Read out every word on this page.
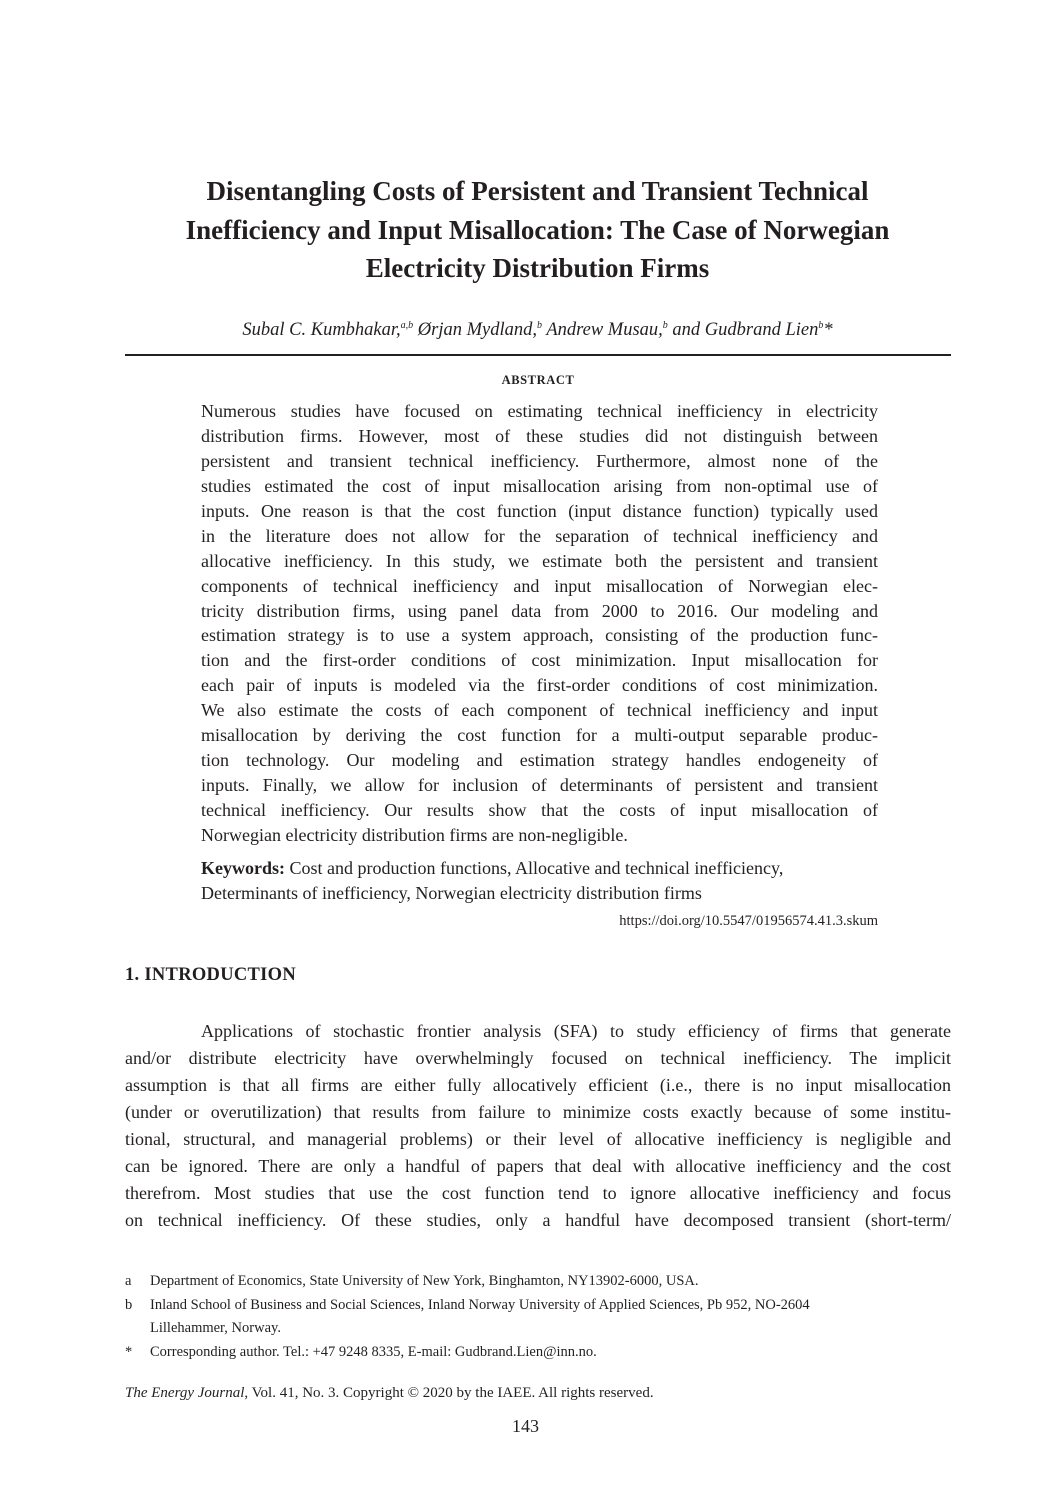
Disentangling Costs of Persistent and Transient Technical
Inefficiency and Input Misallocation: The Case of Norwegian
Electricity Distribution Firms
Subal C. Kumbhakar,$^{a,b}$ Ørjan Mydland,$^b$ Andrew Musau,$^b$ and Gudbrand Lien$^b$*
ABSTRACT
Numerous studies have focused on estimating technical inefficiency in electricity
distribution firms. However, most of these studies did not distinguish between
persistent and transient technical inefficiency. Furthermore, almost none of the
studies estimated the cost of input misallocation arising from non-optimal use of
inputs. One reason is that the cost function (input distance function) typically used
in the literature does not allow for the separation of technical inefficiency and
allocative inefficiency. In this study, we estimate both the persistent and transient
components of technical inefficiency and input misallocation of Norwegian elec-
tricity distribution firms, using panel data from 2000 to 2016. Our modeling and
estimation strategy is to use a system approach, consisting of the production func-
tion and the first-order conditions of cost minimization. Input misallocation for
each pair of inputs is modeled via the first-order conditions of cost minimization.
We also estimate the costs of each component of technical inefficiency and input
misallocation by deriving the cost function for a multi-output separable produc-
tion technology. Our modeling and estimation strategy handles endogeneity of
inputs. Finally, we allow for inclusion of determinants of persistent and transient
technical inefficiency. Our results show that the costs of input misallocation of
Norwegian electricity distribution firms are non-negligible.
Keywords: Cost and production functions, Allocative and technical inefficiency,
Determinants of inefficiency, Norwegian electricity distribution firms
https://doi.org/10.5547/01956574.41.3.skum
1. INTRODUCTION
Applications of stochastic frontier analysis (SFA) to study efficiency of firms that generate
and/or distribute electricity have overwhelmingly focused on technical inefficiency. The implicit
assumption is that all firms are either fully allocatively efficient (i.e., there is no input misallocation
(under or overutilization) that results from failure to minimize costs exactly because of some institu-
tional, structural, and managerial problems) or their level of allocative inefficiency is negligible and
can be ignored. There are only a handful of papers that deal with allocative inefficiency and the cost
therefrom. Most studies that use the cost function tend to ignore allocative inefficiency and focus
on technical inefficiency. Of these studies, only a handful have decomposed transient (short-term/
a Department of Economics, State University of New York, Binghamton, NY13902-6000, USA.
b Inland School of Business and Social Sciences, Inland Norway University of Applied Sciences, Pb 952, NO-2604
Lillehammer, Norway.
* Corresponding author. Tel.: +47 9248 8335, E-mail: Gudbrand.Lien@inn.no.
The Energy Journal, Vol. 41, No. 3. Copyright © 2020 by the IAEE. All rights reserved.
143
